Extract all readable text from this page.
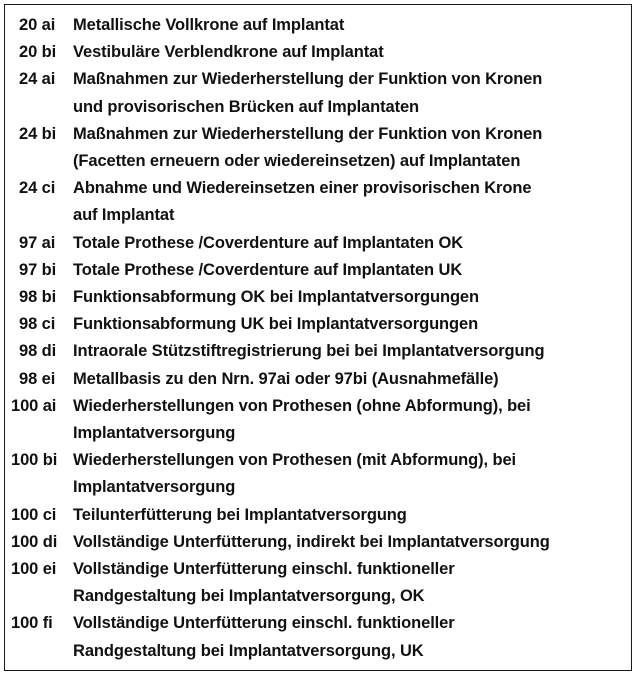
20 ai	Metallische Vollkrone auf Implantat
20 bi	Vestibuläre Verblendkrone auf Implantat
24 ai	Maßnahmen zur Wiederherstellung der Funktion von Kronen
und provisorischen Brücken auf Implantaten
24 bi	Maßnahmen zur Wiederherstellung der Funktion von Kronen
(Facetten erneuern oder wiedereinsetzen) auf Implantaten
24 ci	Abnahme und Wiedereinsetzen einer provisorischen Krone
auf Implantat
97 ai	Totale Prothese /Coverdenture auf Implantaten OK
97 bi	Totale Prothese /Coverdenture auf Implantaten UK
98 bi	Funktionsabformung OK bei Implantatversorgungen
98 ci	Funktionsabformung UK bei Implantatversorgungen
98 di	Intraorale Stützstiftregistrierung bei bei Implantatversorgung
98 ei	Metallbasis zu den Nrn. 97ai oder 97bi (Ausnahmefälle)
100 ai	Wiederherstellungen von Prothesen (ohne Abformung), bei
Implantatversorgung
100 bi Wiederherstellungen von Prothesen (mit Abformung), bei
Implantatversorgung
100 ci	Teilunterfütterung bei Implantatversorgung
100 di Vollständige Unterfütterung, indirekt bei Implantatversorgung
100 ei	Vollständige Unterfütterung einschl. funktioneller
Randgestaltung bei Implantatversorgung, OK
100 fi	Vollständige Unterfütterung einschl. funktioneller
Randgestaltung bei Implantatversorgung, UK
